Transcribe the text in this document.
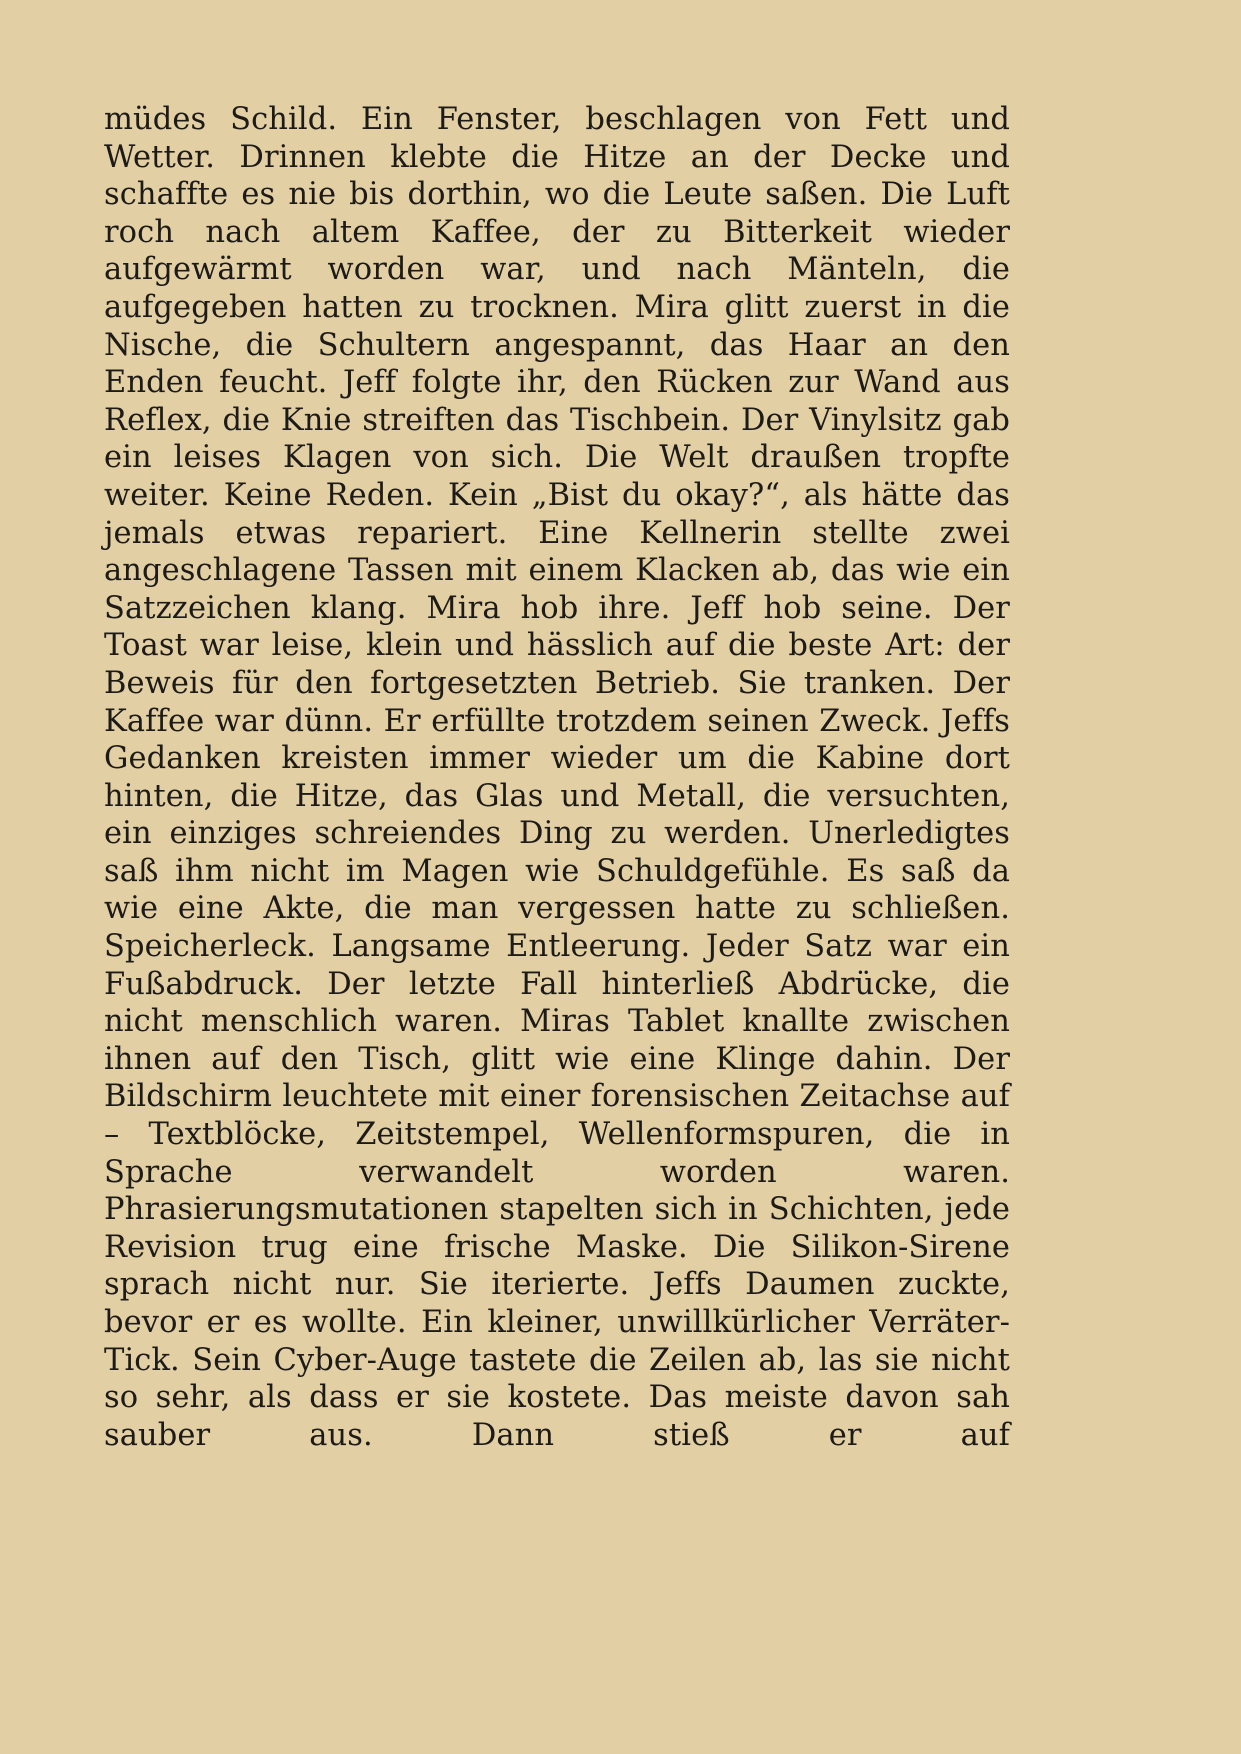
müdes Schild. Ein Fenster, beschlagen von Fett und Wetter. Drinnen klebte die Hitze an der Decke und schaffte es nie bis dorthin, wo die Leute saßen. Die Luft roch nach altem Kaffee, der zu Bitterkeit wieder aufgewärmt worden war, und nach Mänteln, die aufgegeben hatten zu trocknen. Mira glitt zuerst in die Nische, die Schultern angespannt, das Haar an den Enden feucht. Jeff folgte ihr, den Rücken zur Wand aus Reflex, die Knie streiften das Tischbein. Der Vinylsitz gab ein leises Klagen von sich. Die Welt draußen tropfte weiter. Keine Reden. Kein „Bist du okay?“, als hätte das jemals etwas repariert. Eine Kellnerin stellte zwei angeschlagene Tassen mit einem Klacken ab, das wie ein Satzzeichen klang. Mira hob ihre. Jeff hob seine. Der Toast war leise, klein und hässlich auf die beste Art: der Beweis für den fortgesetzten Betrieb. Sie tranken. Der Kaffee war dünn. Er erfüllte trotzdem seinen Zweck. Jeffs Gedanken kreisten immer wieder um die Kabine dort hinten, die Hitze, das Glas und Metall, die versuchten, ein einziges schreiendes Ding zu werden. Unerledigtes saß ihm nicht im Magen wie Schuldgefühle. Es saß da wie eine Akte, die man vergessen hatte zu schließen. Speicherleck. Langsame Entleerung. Jeder Satz war ein Fußabdruck. Der letzte Fall hinterließ Abdrücke, die nicht menschlich waren. Miras Tablet knallte zwischen ihnen auf den Tisch, glitt wie eine Klinge dahin. Der Bildschirm leuchtete mit einer forensischen Zeitachse auf – Textblöcke, Zeitstempel, Wellenformspuren, die in Sprache verwandelt worden waren. Phrasierungsmutationen stapelten sich in Schichten, jede Revision trug eine frische Maske. Die Silikon-Sirene sprach nicht nur. Sie iterierte. Jeffs Daumen zuckte, bevor er es wollte. Ein kleiner, unwillkürlicher Verräter-Tick. Sein Cyber-Auge tastete die Zeilen ab, las sie nicht so sehr, als dass er sie kostete. Das meiste davon sah sauber aus. Dann stieß er auf
